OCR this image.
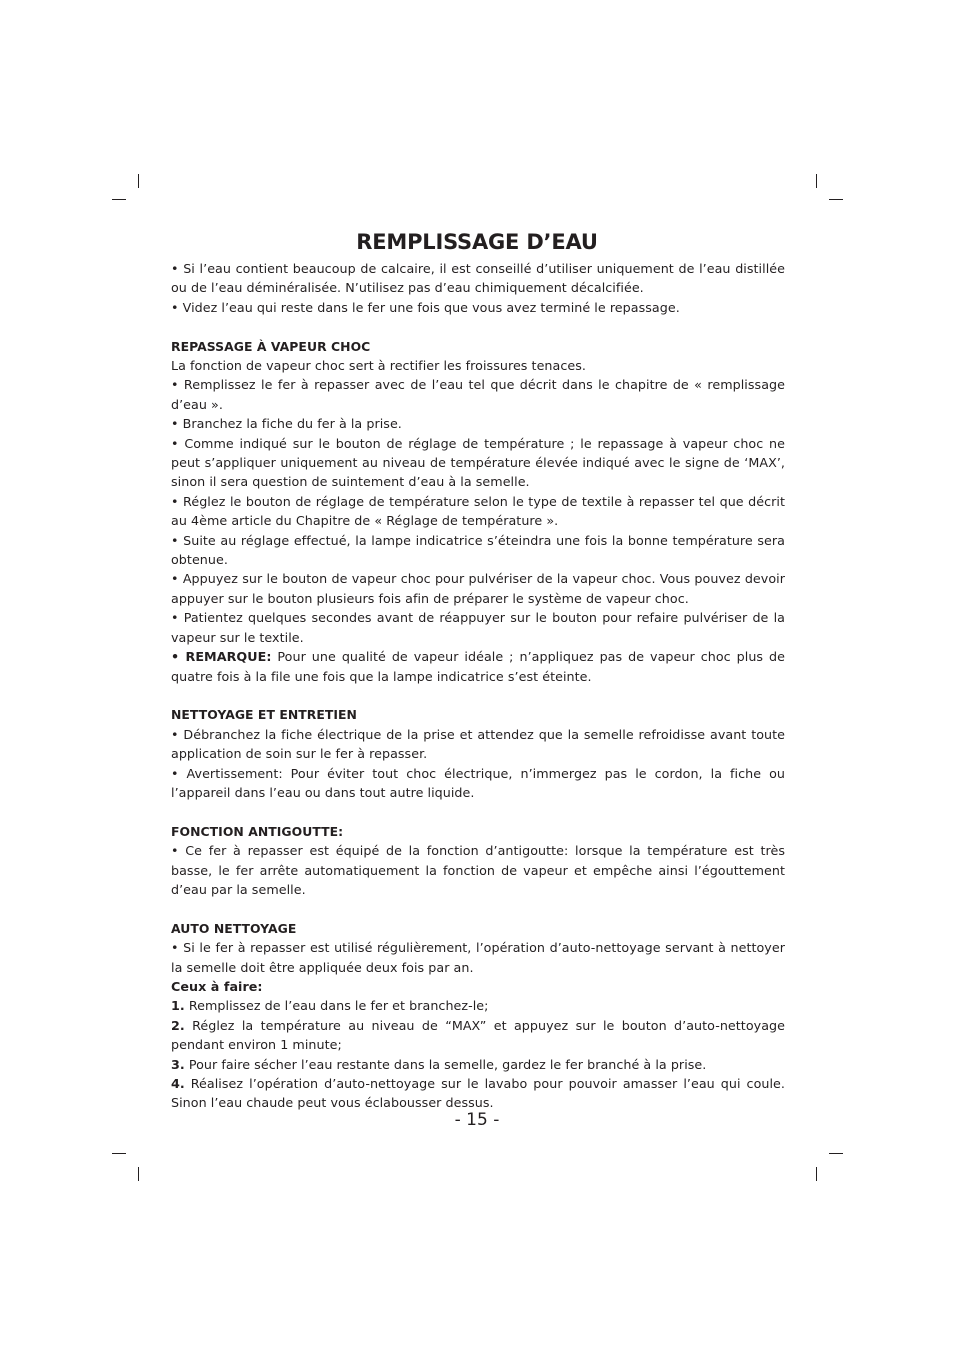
REMPLISSAGE D’EAU

• Si l’eau contient beaucoup de calcaire, il est conseillé d’utiliser uniquement de l’eau distillée ou de l’eau déminéralisée. N’utilisez pas d’eau chimiquement décalcifiée.

• Videz l’eau qui reste dans le fer une fois que vous avez terminé le repassage.

REPASSAGE À VAPEUR CHOC

La fonction de vapeur choc sert à rectifier les froissures tenaces.

• Remplissez le fer à repasser avec de l’eau tel que décrit dans le chapitre de « remplissage d’eau ».

• Branchez la fiche du fer à la prise.

• Comme indiqué sur le bouton de réglage de température ; le repassage à vapeur choc ne peut s’appliquer uniquement au niveau de température élevée indiqué avec le signe de ‘MAX’, sinon il sera question de suintement d’eau à la semelle.

• Réglez le bouton de réglage de température selon le type de textile à repasser tel que décrit au 4ème article du Chapitre de « Réglage de température ».

• Suite au réglage effectué, la lampe indicatrice s’éteindra une fois la bonne température sera obtenue.

• Appuyez sur le bouton de vapeur choc pour pulvériser de la vapeur choc. Vous pouvez devoir appuyer sur le bouton plusieurs fois afin de préparer le système de vapeur choc.

• Patientez quelques secondes avant de réappuyer sur le bouton pour refaire pulvériser de la vapeur sur le textile.

• REMARQUE: Pour une qualité de vapeur idéale ; n’appliquez pas de vapeur choc plus de quatre fois à la file une fois que la lampe indicatrice s’est éteinte.

NETTOYAGE ET ENTRETIEN

• Débranchez la fiche électrique de la prise et attendez que la semelle refroidisse avant toute application de soin sur le fer à repasser.

• Avertissement: Pour éviter tout choc électrique, n’immergez pas le cordon, la fiche ou l’appareil dans l’eau ou dans tout autre liquide.

FONCTION ANTIGOUTTE:

• Ce fer à repasser est équipé de la fonction d’antigoutte: lorsque la température est très basse, le fer arrête automatiquement la fonction de vapeur et empêche ainsi l’égouttement d’eau par la semelle.

AUTO NETTOYAGE

• Si le fer à repasser est utilisé régulièrement, l’opération d’auto-nettoyage servant à nettoyer la semelle doit être appliquée deux fois par an.

Ceux à faire:

1. Remplissez de l’eau dans le fer et branchez-le;

2. Réglez la température au niveau de “MAX” et appuyez sur le bouton d’auto-nettoyage pendant environ 1 minute;

3. Pour faire sécher l’eau restante dans la semelle, gardez le fer branché à la prise.

4. Réalisez l’opération d’auto-nettoyage sur le lavabo pour pouvoir amasser l’eau qui coule. Sinon l’eau chaude peut vous éclabousser dessus.

- 15 -
